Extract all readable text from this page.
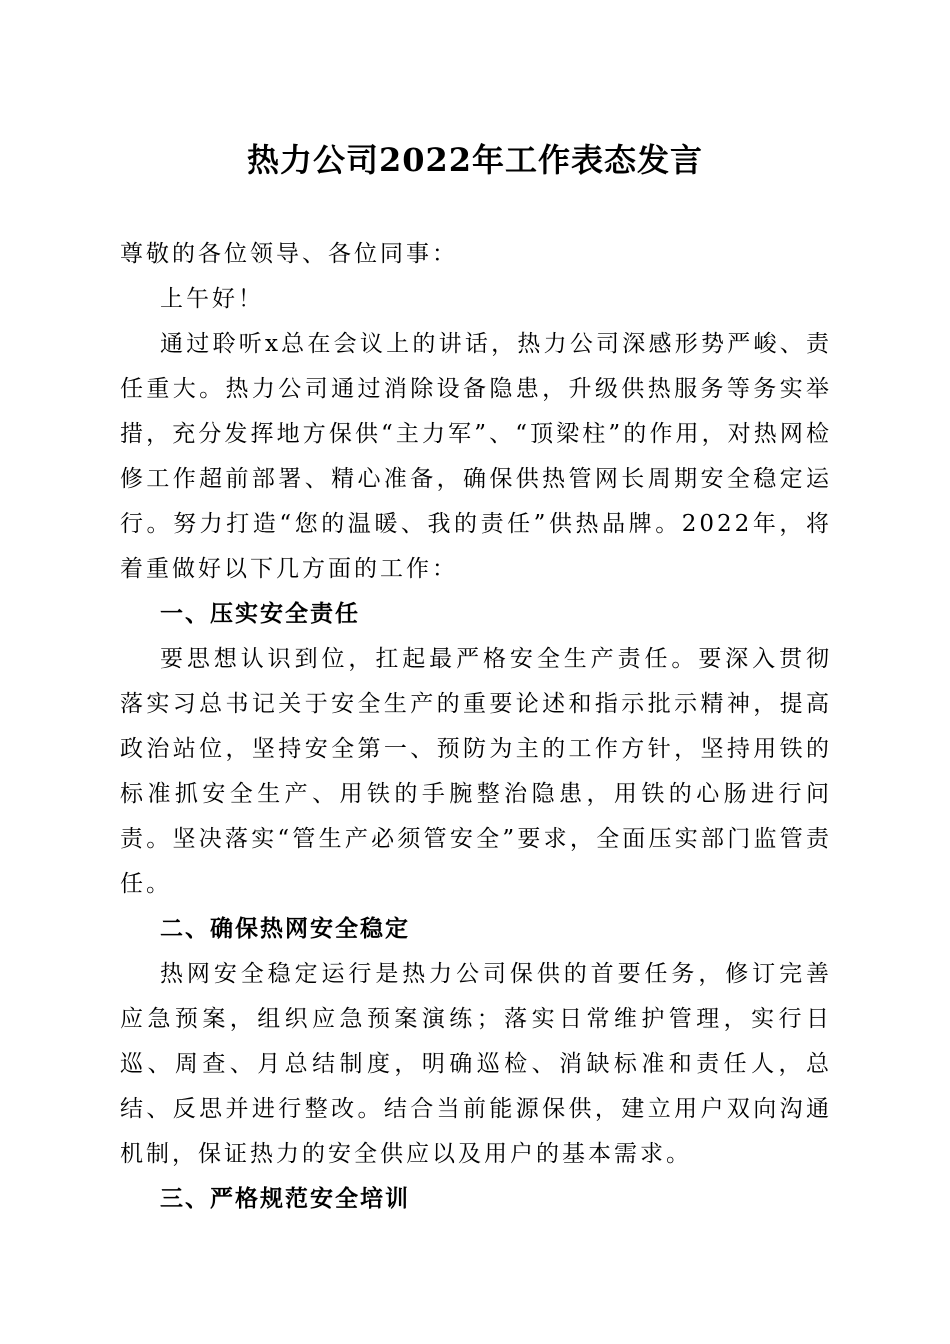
热力公司2022年工作表态发言

尊敬的各位领导、各位同事：

上午好！

通过聆听x总在会议上的讲话，热力公司深感形势严峻、责任重大。热力公司通过消除设备隐患，升级供热服务等务实举措，充分发挥地方保供“主力军”、“顶梁柱”的作用，对热网检修工作超前部署、精心准备，确保供热管网长周期安全稳定运行。努力打造“您的温暖、我的责任”供热品牌。2022年，将着重做好以下几方面的工作：

一、压实安全责任

要思想认识到位，扛起最严格安全生产责任。要深入贯彻落实习总书记关于安全生产的重要论述和指示批示精神，提高政治站位，坚持安全第一、预防为主的工作方针，坚持用铁的标准抓安全生产、用铁的手腕整治隐患，用铁的心肠进行问责。坚决落实“管生产必须管安全”要求，全面压实部门监管责任。

二、确保热网安全稳定

热网安全稳定运行是热力公司保供的首要任务，修订完善应急预案，组织应急预案演练；落实日常维护管理，实行日巡、周查、月总结制度，明确巡检、消缺标准和责任人，总结、反思并进行整改。结合当前能源保供，建立用户双向沟通机制，保证热力的安全供应以及用户的基本需求。

三、严格规范安全培训
